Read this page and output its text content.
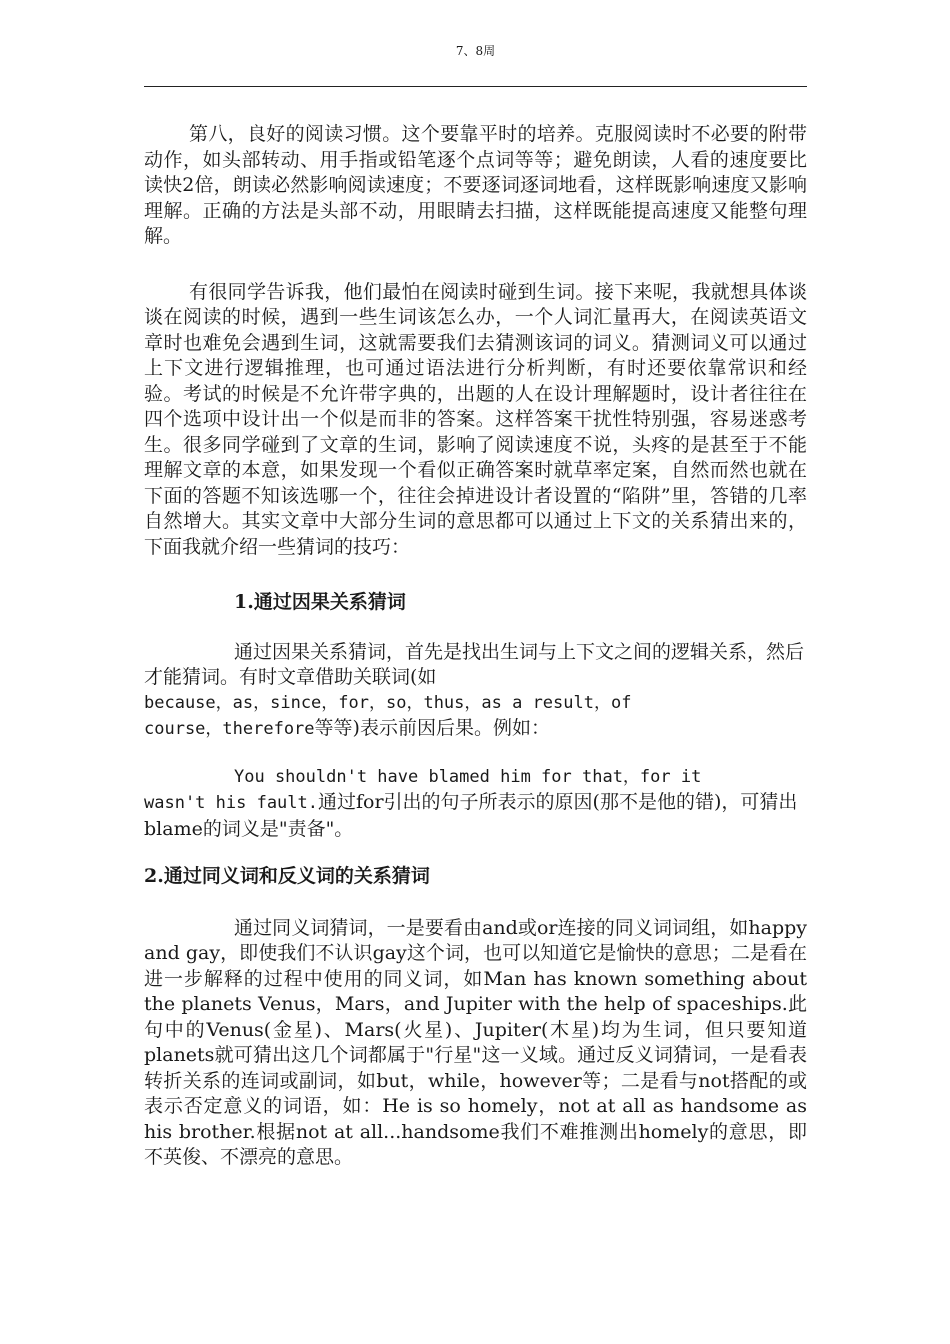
7、8周

第八，良好的阅读习惯。这个要靠平时的培养。克服阅读时不必要的附带动作，如头部转动、用手指或铅笔逐个点词等等；避免朗读，人看的速度要比读快2倍，朗读必然影响阅读速度；不要逐词逐词地看，这样既影响速度又影响理解。正确的方法是头部不动，用眼睛去扫描，这样既能提高速度又能整句理解。

有很同学告诉我，他们最怕在阅读时碰到生词。接下来呢，我就想具体谈谈在阅读的时候，遇到一些生词该怎么办，一个人词汇量再大，在阅读英语文章时也难免会遇到生词，这就需要我们去猜测该词的词义。猜测词义可以通过上下文进行逻辑推理，也可通过语法进行分析判断，有时还要依靠常识和经验。考试的时候是不允许带字典的，出题的人在设计理解题时，设计者往往在四个选项中设计出一个似是而非的答案。这样答案干扰性特别强，容易迷惑考生。很多同学碰到了文章的生词，影响了阅读速度不说，头疼的是甚至于不能理解文章的本意，如果发现一个看似正确答案时就草率定案，自然而然也就在下面的答题不知该选哪一个，往往会掉进设计者设置的“陷阱”里，答错的几率自然增大。其实文章中大部分生词的意思都可以通过上下文的关系猜出来的，下面我就介绍一些猜词的技巧：

1.通过因果关系猜词

通过因果关系猜词，首先是找出生词与上下文之间的逻辑关系，然后才能猜词。有时文章借助关联词(如

because，as，since，for，so，thus，as a result，of

course，therefore等等)表示前因后果。例如：

You shouldn't have blamed him for that，for it

wasn't his fault.通过for引出的句子所表示的原因(那不是他的错)，可猜出blame的词义是"责备"。

2.通过同义词和反义词的关系猜词

通过同义词猜词，一是要看由and或or连接的同义词词组，如happy and gay，即使我们不认识gay这个词，也可以知道它是愉快的意思；二是看在进一步解释的过程中使用的同义词，如Man has known something about the planets Venus，Mars，and Jupiter with the help of spaceships.此句中的Venus(金星)、Mars(火星)、Jupiter(木星)均为生词，但只要知道planets就可猜出这几个词都属于"行星"这一义域。通过反义词猜词，一是看表转折关系的连词或副词，如but，while，however等；二是看与not搭配的或表示否定意义的词语，如：He is so homely，not at all as handsome as his brother.根据not at all...handsome我们不难推测出homely的意思，即不英俊、不漂亮的意思。
